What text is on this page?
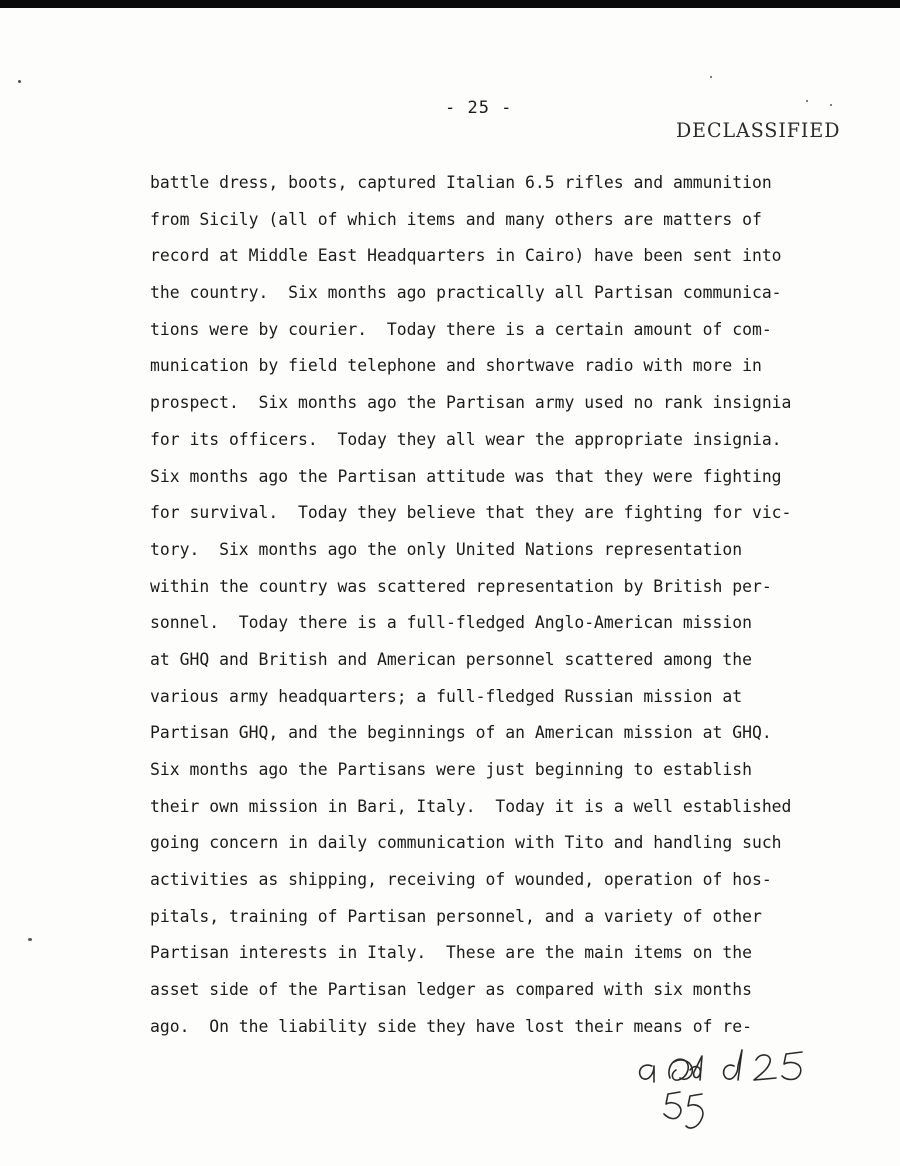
- 25 -
DECLASSIFIED
battle dress, boots, captured Italian 6.5 rifles and ammunition
from Sicily (all of which items and many others are matters of
record at Middle East Headquarters in Cairo) have been sent into
the country.  Six months ago practically all Partisan communica-
tions were by courier.  Today there is a certain amount of com-
munication by field telephone and shortwave radio with more in
prospect.  Six months ago the Partisan army used no rank insignia
for its officers.  Today they all wear the appropriate insignia.
Six months ago the Partisan attitude was that they were fighting
for survival.  Today they believe that they are fighting for vic-
tory.  Six months ago the only United Nations representation
within the country was scattered representation by British per-
sonnel.  Today there is a full-fledged Anglo-American mission
at GHQ and British and American personnel scattered among the
various army headquarters; a full-fledged Russian mission at
Partisan GHQ, and the beginnings of an American mission at GHQ.
Six months ago the Partisans were just beginning to establish
their own mission in Bari, Italy.  Today it is a well established
going concern in daily communication with Tito and handling such
activities as shipping, receiving of wounded, operation of hos-
pitals, training of Partisan personnel, and a variety of other
Partisan interests in Italy.  These are the main items on the
asset side of the Partisan ledger as compared with six months
ago.  On the liability side they have lost their means of re-
